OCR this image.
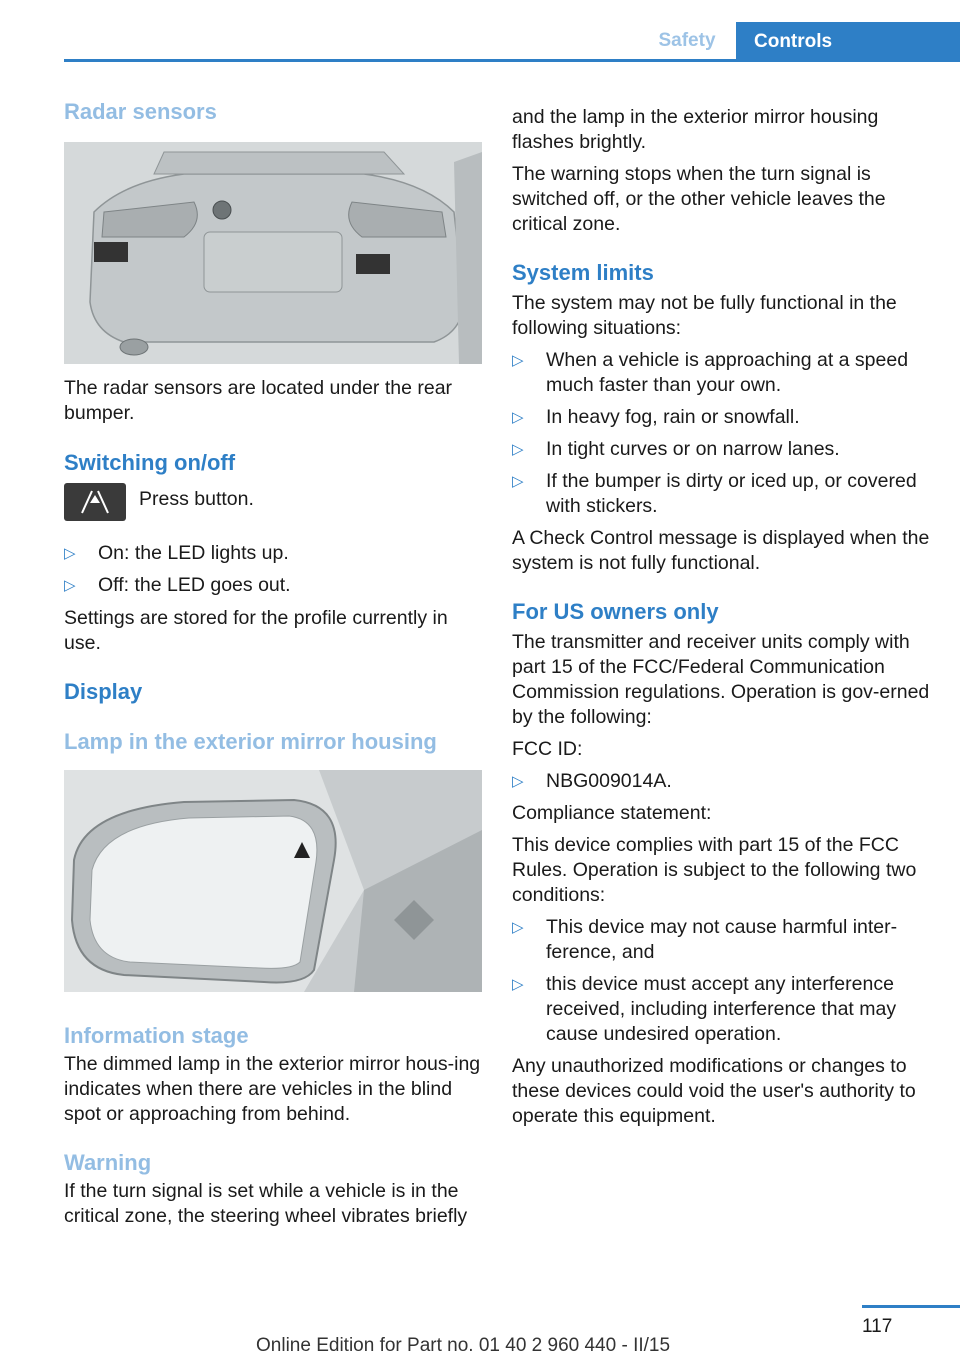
Safety	Controls
Radar sensors

The radar sensors are located under the rear bumper.

Switching on/off

Press button.

▷ On: the LED lights up.
▷ Off: the LED goes out.

Settings are stored for the profile currently in use.

Display
Lamp in the exterior mirror housing
Information stage

The dimmed lamp in the exterior mirror hous‐ing indicates when there are vehicles in the blind spot or approaching from behind.

Warning

If the turn signal is set while a vehicle is in the critical zone, the steering wheel vibrates briefly

and the lamp in the exterior mirror housing flashes brightly.

The warning stops when the turn signal is switched off, or the other vehicle leaves the critical zone.

System limits

The system may not be fully functional in the following situations:

▷ When a vehicle is approaching at a speed much faster than your own.
▷ In heavy fog, rain or snowfall.
▷ In tight curves or on narrow lanes.
▷ If the bumper is dirty or iced up, or covered with stickers.

A Check Control message is displayed when the system is not fully functional.

For US owners only

The transmitter and receiver units comply with part 15 of the FCC/Federal Communication Commission regulations. Operation is gov‐erned by the following:

FCC ID:

▷ NBG009014A.

Compliance statement:

This device complies with part 15 of the FCC Rules. Operation is subject to the following two conditions:

▷ This device may not cause harmful inter‐ference, and
▷ this device must accept any interference received, including interference that may cause undesired operation.

Any unauthorized modifications or changes to these devices could void the user's authority to operate this equipment.

117
Online Edition for Part no. 01 40 2 960 440 - II/15
